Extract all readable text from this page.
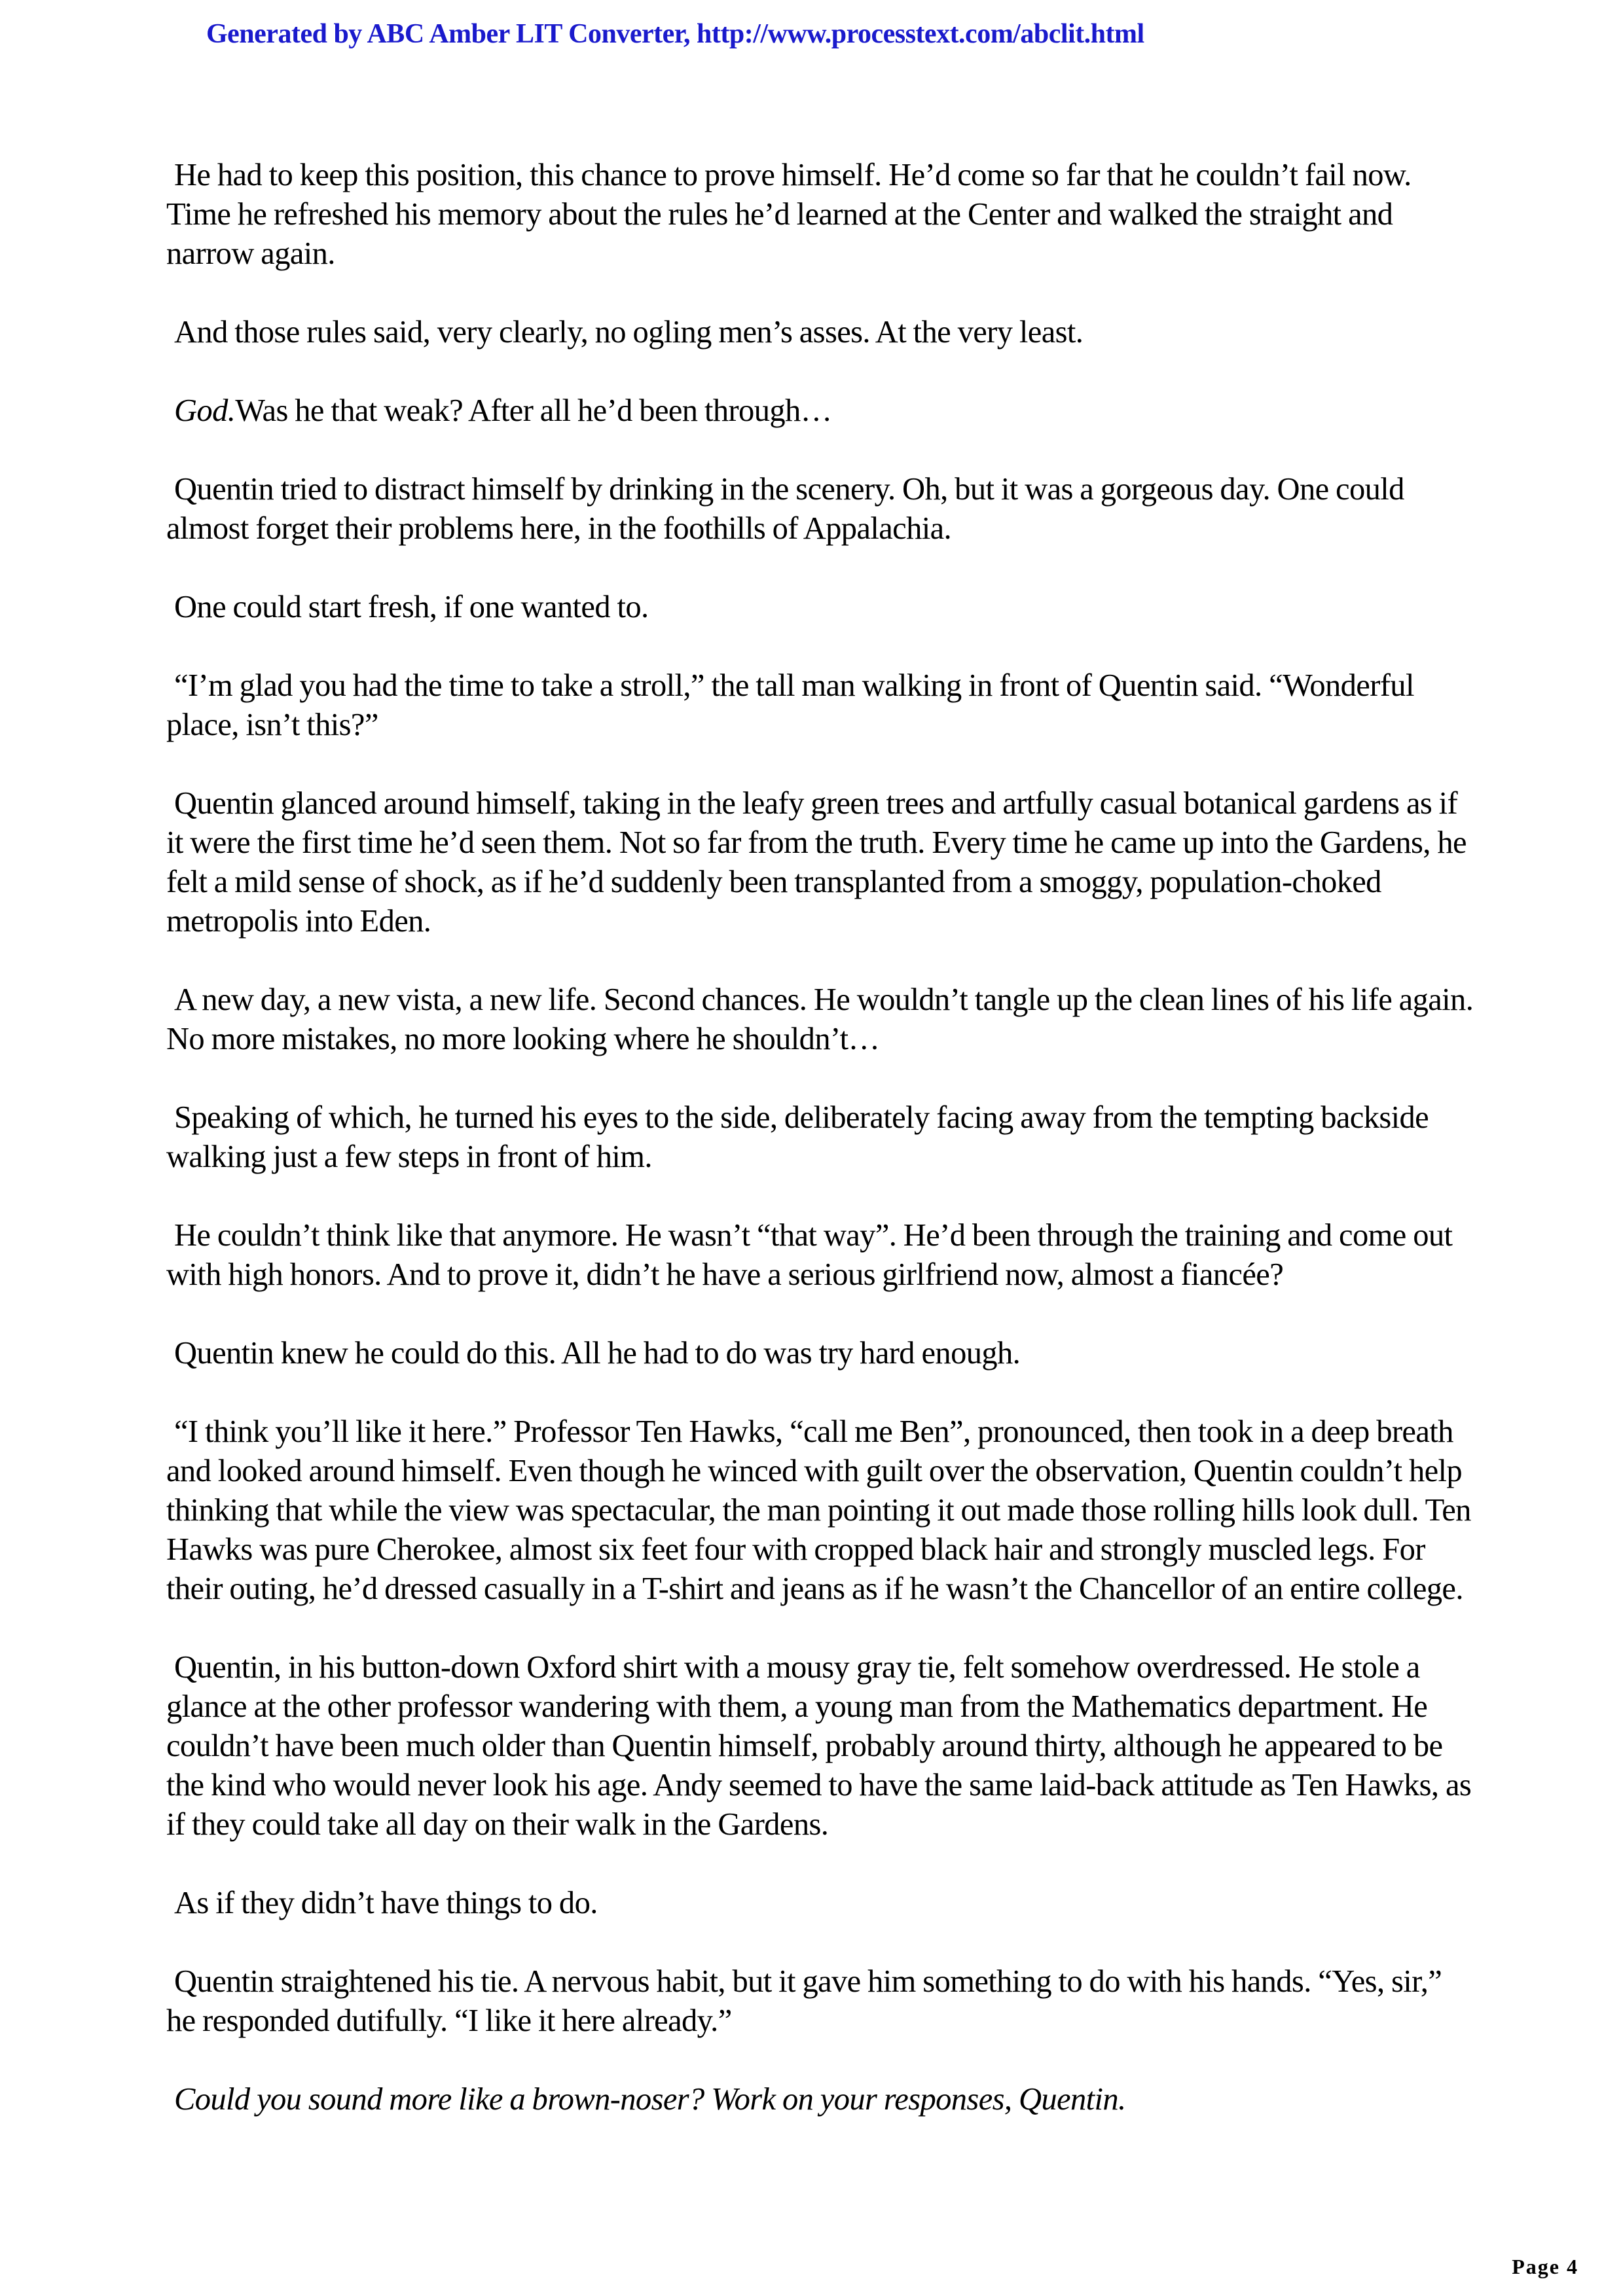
Generated by ABC Amber LIT Converter, http://www.processtext.com/abclit.html

He had to keep this position, this chance to prove himself. He’d come so far that he couldn’t fail now. Time he refreshed his memory about the rules he’d learned at the Center and walked the straight and narrow again.

And those rules said, very clearly, no ogling men’s asses. At the very least.

God.Was he that weak? After all he’d been through…

Quentin tried to distract himself by drinking in the scenery. Oh, but it was a gorgeous day. One could almost forget their problems here, in the foothills of Appalachia.

One could start fresh, if one wanted to.

“I’m glad you had the time to take a stroll,” the tall man walking in front of Quentin said. “Wonderful place, isn’t this?”

Quentin glanced around himself, taking in the leafy green trees and artfully casual botanical gardens as if it were the first time he’d seen them. Not so far from the truth. Every time he came up into the Gardens, he felt a mild sense of shock, as if he’d suddenly been transplanted from a smoggy, population-choked metropolis into Eden.

A new day, a new vista, a new life. Second chances. He wouldn’t tangle up the clean lines of his life again. No more mistakes, no more looking where he shouldn’t…

Speaking of which, he turned his eyes to the side, deliberately facing away from the tempting backside walking just a few steps in front of him.

He couldn’t think like that anymore. He wasn’t “that way”. He’d been through the training and come out with high honors. And to prove it, didn’t he have a serious girlfriend now, almost a fiancée?

Quentin knew he could do this. All he had to do was try hard enough.

“I think you’ll like it here.” Professor Ten Hawks, “call me Ben”, pronounced, then took in a deep breath and looked around himself. Even though he winced with guilt over the observation, Quentin couldn’t help thinking that while the view was spectacular, the man pointing it out made those rolling hills look dull. Ten Hawks was pure Cherokee, almost six feet four with cropped black hair and strongly muscled legs. For their outing, he’d dressed casually in a T-shirt and jeans as if he wasn’t the Chancellor of an entire college.

Quentin, in his button-down Oxford shirt with a mousy gray tie, felt somehow overdressed. He stole a glance at the other professor wandering with them, a young man from the Mathematics department. He couldn’t have been much older than Quentin himself, probably around thirty, although he appeared to be the kind who would never look his age. Andy seemed to have the same laid-back attitude as Ten Hawks, as if they could take all day on their walk in the Gardens.

As if they didn’t have things to do.

Quentin straightened his tie. A nervous habit, but it gave him something to do with his hands. “Yes, sir,” he responded dutifully. “I like it here already.”

Could you sound more like a brown-noser? Work on your responses, Quentin.

Page 4
